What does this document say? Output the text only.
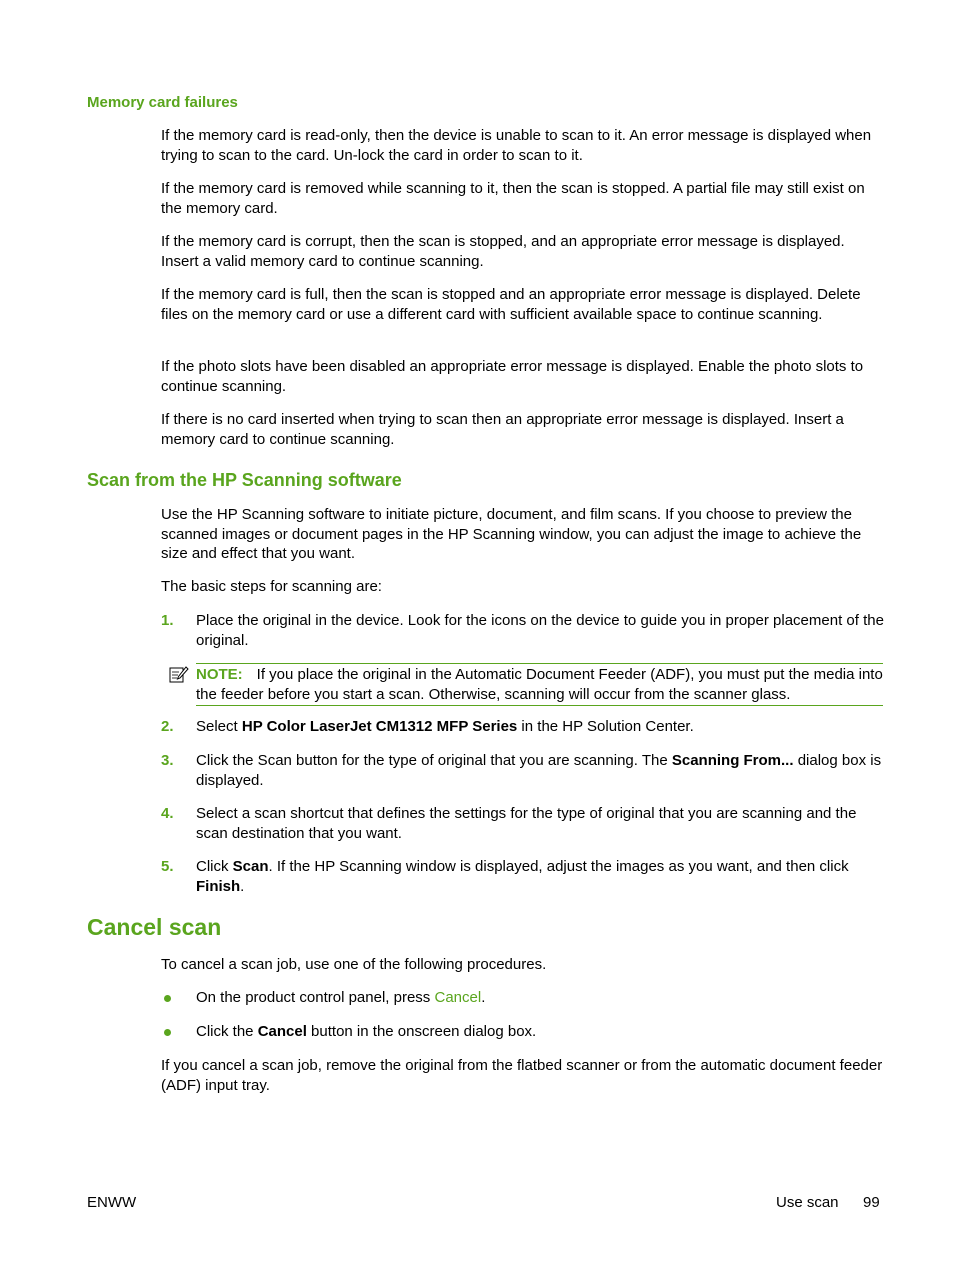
Memory card failures

If the memory card is read-only, then the device is unable to scan to it. An error message is displayed when trying to scan to the card. Un-lock the card in order to scan to it.

If the memory card is removed while scanning to it, then the scan is stopped. A partial file may still exist on the memory card.

If the memory card is corrupt, then the scan is stopped, and an appropriate error message is displayed. Insert a valid memory card to continue scanning.

If the memory card is full, then the scan is stopped and an appropriate error message is displayed. Delete files on the memory card or use a different card with sufficient available space to continue scanning.

If the photo slots have been disabled an appropriate error message is displayed. Enable the photo slots to continue scanning.

If there is no card inserted when trying to scan then an appropriate error message is displayed. Insert a memory card to continue scanning.

Scan from the HP Scanning software

Use the HP Scanning software to initiate picture, document, and film scans. If you choose to preview the scanned images or document pages in the HP Scanning window, you can adjust the image to achieve the size and effect that you want.

The basic steps for scanning are:

1. Place the original in the device. Look for the icons on the device to guide you in proper placement of the original.

NOTE: If you place the original in the Automatic Document Feeder (ADF), you must put the media into the feeder before you start a scan. Otherwise, scanning will occur from the scanner glass.
2. Select HP Color LaserJet CM1312 MFP Series in the HP Solution Center.

3. Click the Scan button for the type of original that you are scanning. The Scanning From... dialog box is displayed.

4. Select a scan shortcut that defines the settings for the type of original that you are scanning and the scan destination that you want.

5. Click Scan. If the HP Scanning window is displayed, adjust the images as you want, and then click Finish.

Cancel scan

To cancel a scan job, use one of the following procedures.

On the product control panel, press Cancel.

Click the Cancel button in the onscreen dialog box.

If you cancel a scan job, remove the original from the flatbed scanner or from the automatic document feeder (ADF) input tray.

ENWW	Use scan 99
